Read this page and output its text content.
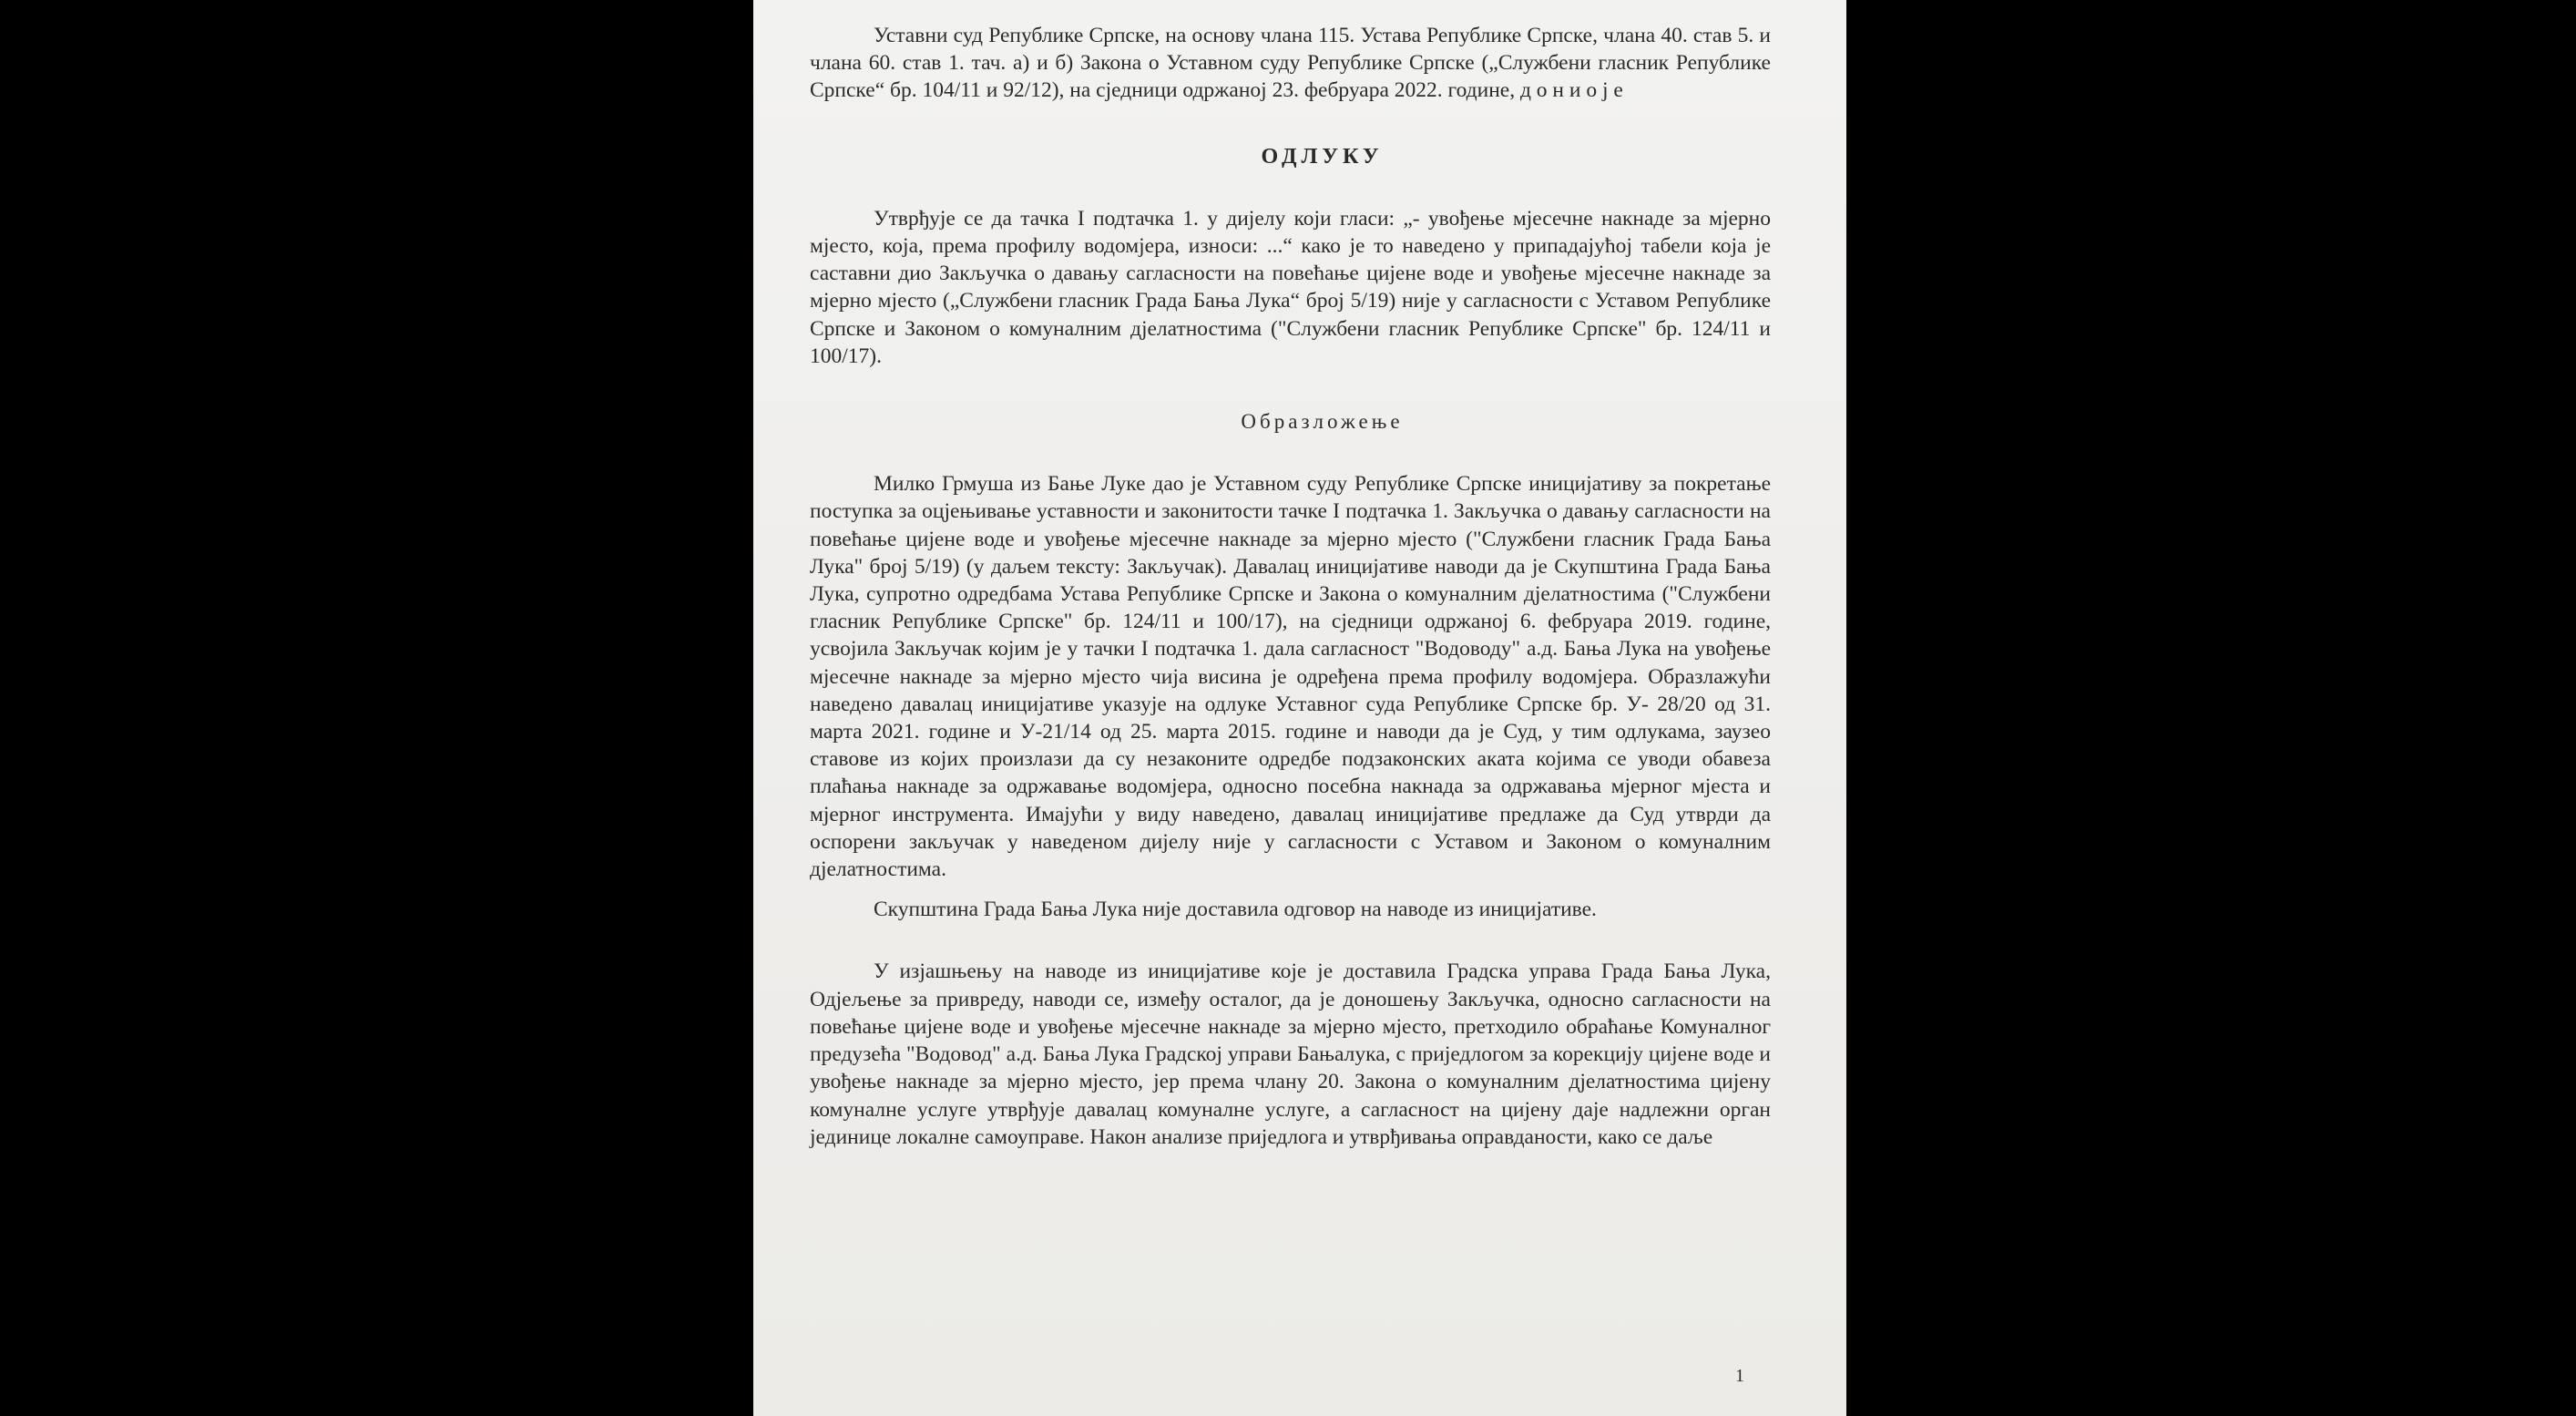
Уставни суд Републике Српске, на основу члана 115. Устава Републике Српске, члана 40. став 5. и члана 60. став 1. тач. а) и б) Закона о Уставном суду Републике Српске („Службени гласник Републике Српске“ бр. 104/11 и 92/12), на сједници одржаној 23. фебруара 2022. године, д о н и о ј е

ОДЛУКУ

Утврђује се да тачка I подтачка 1. у дијелу који гласи: „- увођење мјесечне накнаде за мјерно мјесто, која, према профилу водомјера, износи: ...“ како је то наведено у припадајућој табели која је саставни дио Закључка о давању сагласности на повећање цијене воде и увођење мјесечне накнаде за мјерно мјесто („Службени гласник Града Бања Лука“ број 5/19) није у сагласности с Уставом Републике Српске и Законом о комуналним дјелатностима ("Службени гласник Републике Српске" бр. 124/11 и 100/17).

Образложење

Милко Грмуша из Бање Луке дао је Уставном суду Републике Српске иницијативу за покретање поступка за оцјењивање уставности и законитости тачке I подтачка 1. Закључка о давању сагласности на повећање цијене воде и увођење мјесечне накнаде за мјерно мјесто ("Службени гласник Града Бања Лука" број 5/19) (у даљем тексту: Закључак). Давалац иницијативе наводи да је Скупштина Града Бања Лука, супротно одредбама Устава Републике Српске и Закона о комуналним дјелатностима ("Службени гласник Републике Српске" бр. 124/11 и 100/17), на сједници одржаној 6. фебруара 2019. године, усвојила Закључак којим је у тачки I подтачка 1. дала сагласност "Водоводу" а.д. Бања Лука на увођење мјесечне накнаде за мјерно мјесто чија висина је одређена према профилу водомјера. Образлажући наведено давалац иницијативе указује на одлуке Уставног суда Републике Српске бр. У- 28/20 од 31. марта 2021. године и У-21/14 од 25. марта 2015. године и наводи да је Суд, у тим одлукама, заузео ставове из којих произлази да су незаконите одредбе подзаконских аката којима се уводи обавеза плаћања накнаде за одржавање водомјера, односно посебна накнада за одржавања мјерног мјеста и мјерног инструмента. Имајући у виду наведено, давалац иницијативе предлаже да Суд утврди да оспорени закључак у наведеном дијелу није у сагласности с Уставом и Законом о комуналним дјелатностима.

Скупштина Града Бања Лука није доставила одговор на наводе из иницијативе.

У изјашњењу на наводе из иницијативе које је доставила Градска управа Града Бања Лука, Одјељење за привреду, наводи се, између осталог, да је доношењу Закључка, односно сагласности на повећање цијене воде и увођење мјесечне накнаде за мјерно мјесто, претходило обраћање Комуналног предузећа "Водовод" а.д. Бања Лука Градској управи Бањалука, с приједлогом за корекцију цијене воде и увођење накнаде за мјерно мјесто, јер према члану 20. Закона о комуналним дјелатностима цијену комуналне услуге утврђује давалац комуналне услуге, а сагласност на цијену даје надлежни орган јединице локалне самоуправе. Након анализе приједлога и утврђивања оправданости, како се даље

1
